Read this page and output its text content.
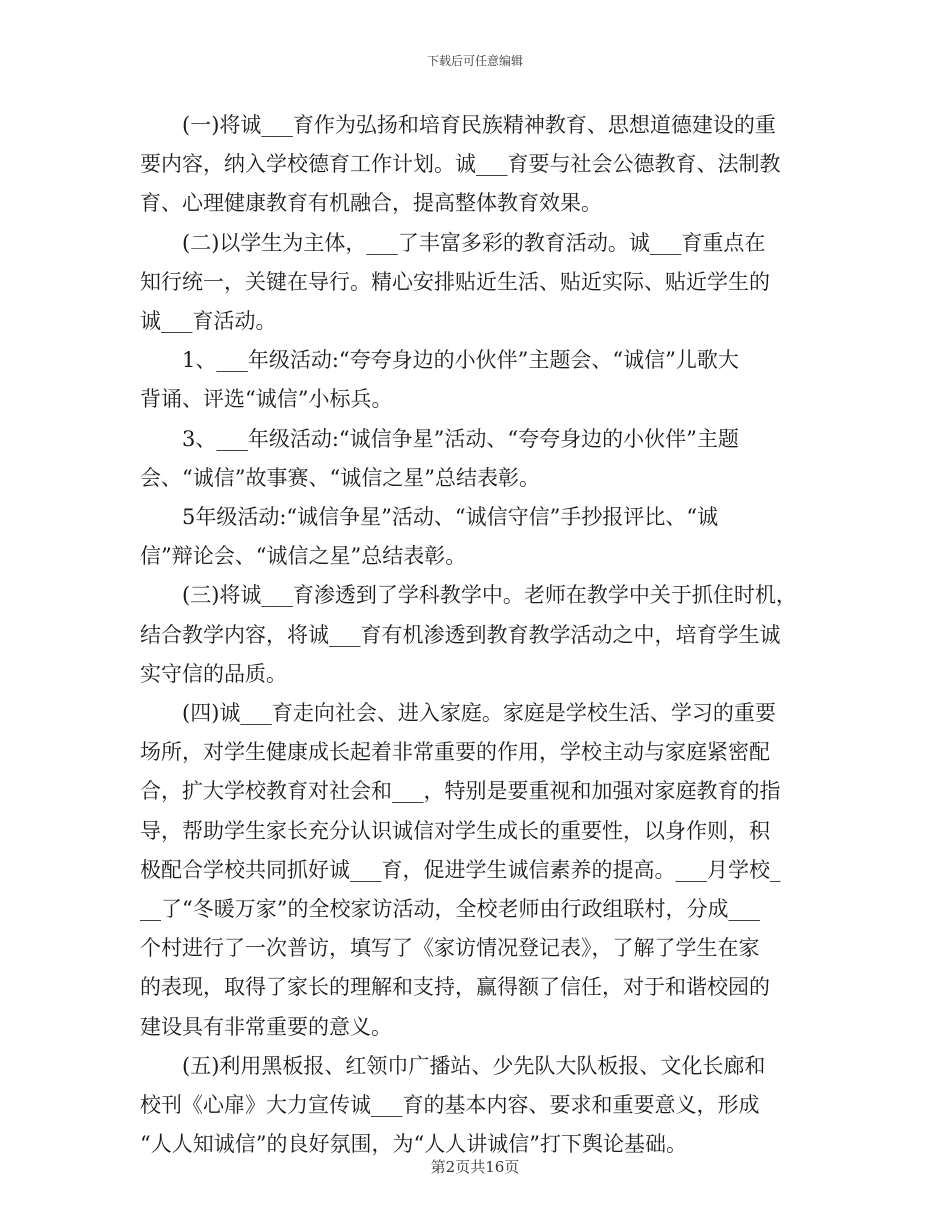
下载后可任意编辑

　　(一)将诚___育作为弘扬和培育民族精神教育、思想道德建设的重
要内容，纳入学校德育工作计划。诚___育要与社会公德教育、法制教
育、心理健康教育有机融合，提高整体教育效果。

　　(二)以学生为主体，___了丰富多彩的教育活动。诚___育重点在
知行统一，关键在导行。精心安排贴近生活、贴近实际、贴近学生的
诚___育活动。

　　1、___年级活动:“夸夸身边的小伙伴”主题会、“诚信”儿歌大
背诵、评选“诚信”小标兵。

　　3、___年级活动:“诚信争星”活动、“夸夸身边的小伙伴”主题
会、“诚信”故事赛、“诚信之星”总结表彰。

　　5年级活动:“诚信争星”活动、“诚信守信”手抄报评比、“诚
信”辩论会、“诚信之星”总结表彰。

　　(三)将诚___育渗透到了学科教学中。老师在教学中关于抓住时机，
结合教学内容，将诚___育有机渗透到教育教学活动之中，培育学生诚
实守信的品质。

　　(四)诚___育走向社会、进入家庭。家庭是学校生活、学习的重要
场所，对学生健康成长起着非常重要的作用，学校主动与家庭紧密配
合，扩大学校教育对社会和___，特别是要重视和加强对家庭教育的指
导，帮助学生家长充分认识诚信对学生成长的重要性，以身作则，积
极配合学校共同抓好诚___育，促进学生诚信素养的提高。___月学校_
__了“冬暖万家”的全校家访活动，全校老师由行政组联村，分成___
个村进行了一次普访，填写了《家访情况登记表》，了解了学生在家
的表现，取得了家长的理解和支持，赢得额了信任，对于和谐校园的
建设具有非常重要的意义。

　　(五)利用黑板报、红领巾广播站、少先队大队板报、文化长廊和
校刊《心扉》大力宣传诚___育的基本内容、要求和重要意义，形成
“人人知诚信”的良好氛围，为“人人讲诚信”打下舆论基础。

第2页共16页
